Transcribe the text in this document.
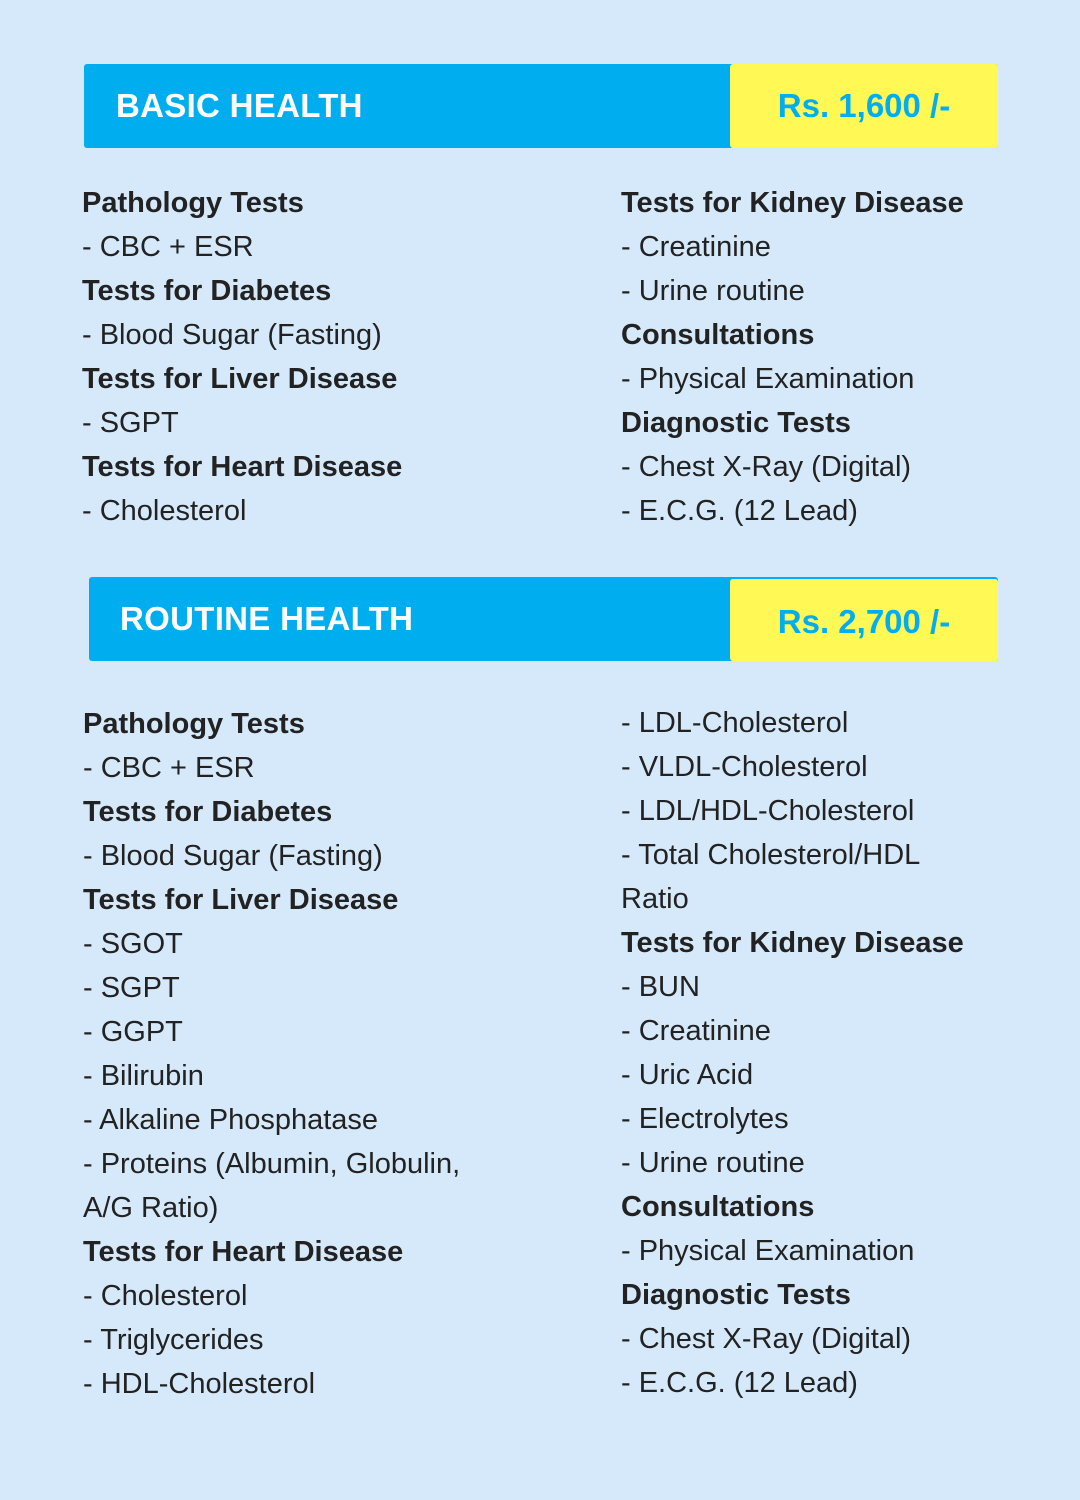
BASIC HEALTH	Rs. 1,600 /-
Pathology Tests
- CBC + ESR
Tests for Diabetes
- Blood Sugar (Fasting)
Tests for Liver Disease
- SGPT
Tests for Heart Disease
- Cholesterol
Tests for Kidney Disease
- Creatinine
- Urine routine
Consultations
- Physical Examination
Diagnostic Tests
- Chest X-Ray (Digital)
- E.C.G. (12 Lead)
ROUTINE HEALTH	Rs. 2,700 /-
Pathology Tests
- CBC + ESR
Tests for Diabetes
- Blood Sugar (Fasting)
Tests for Liver Disease
- SGOT
- SGPT
- GGPT
- Bilirubin
- Alkaline Phosphatase
- Proteins (Albumin, Globulin,
A/G Ratio)
Tests for Heart Disease
- Cholesterol
- Triglycerides
- HDL-Cholesterol
- LDL-Cholesterol
- VLDL-Cholesterol
- LDL/HDL-Cholesterol
- Total Cholesterol/HDL
Ratio
Tests for Kidney Disease
- BUN
- Creatinine
- Uric Acid
- Electrolytes
- Urine routine
Consultations
- Physical Examination
Diagnostic Tests
- Chest X-Ray (Digital)
- E.C.G. (12 Lead)
